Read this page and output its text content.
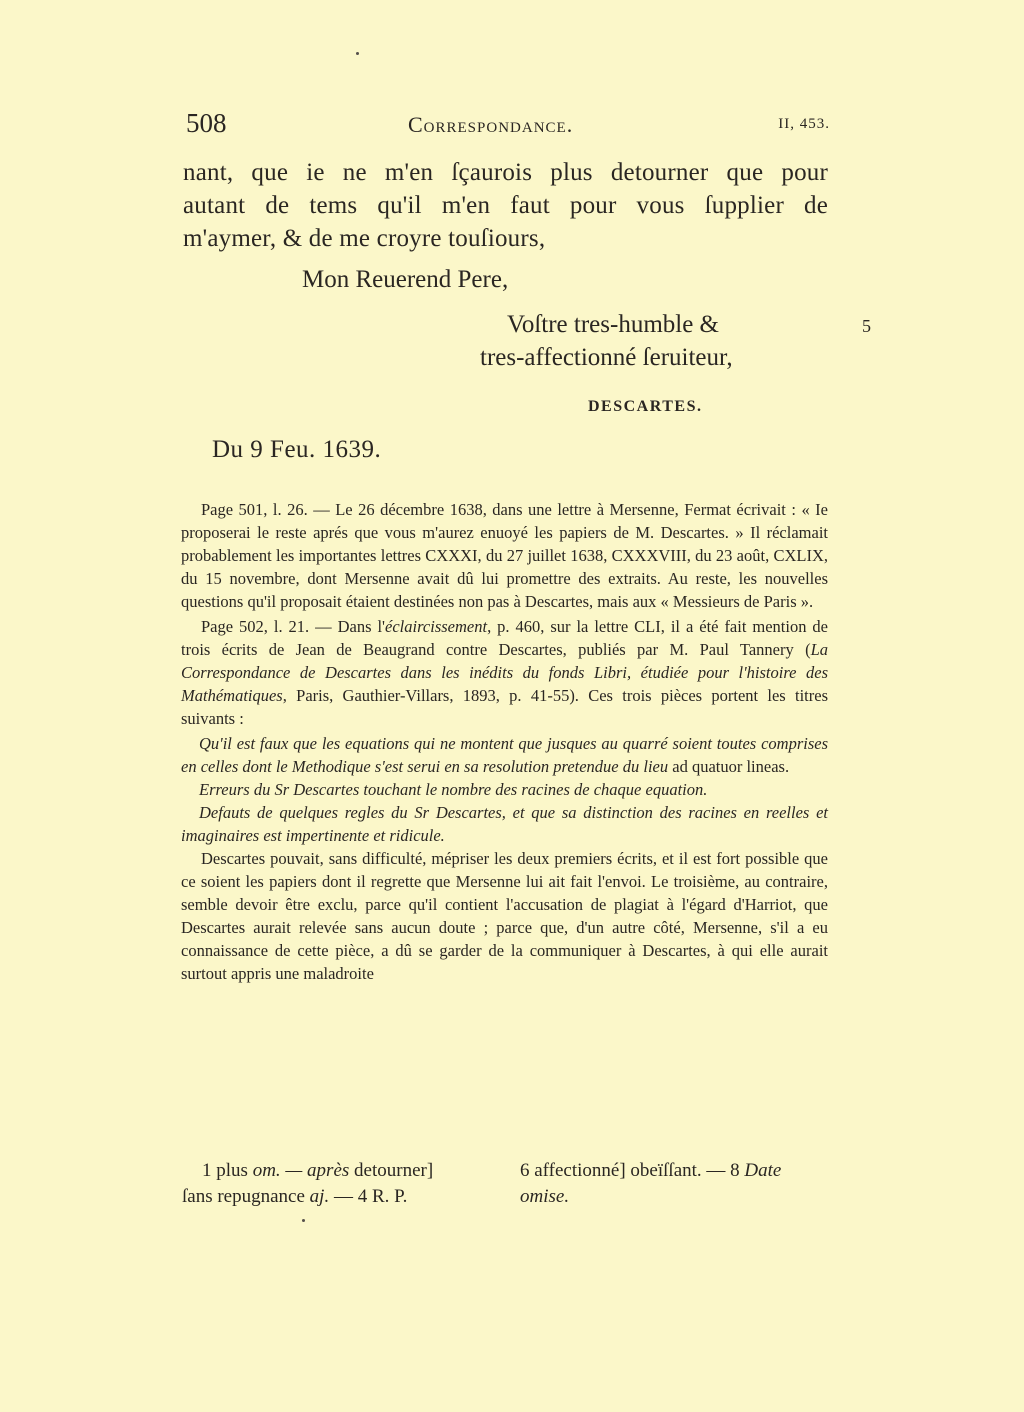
508	Correspondance.	II, 453.
nant, que ie ne m'en ſçaurois plus detourner que pour
autant de tems qu'il m'en faut pour vous ſupplier de
m'aymer, & de me croyre touſiours,
Mon Reuerend Pere,
Voſtre tres-humble &
tres-affectionné ſeruiteur,
5
DESCARTES.
Du 9 Feu. 1639.

Page 501, l. 26. — Le 26 décembre 1638, dans une lettre à Mersenne, Fermat écrivait : « Ie proposerai le reste aprés que vous m'aurez enuoyé les papiers de M. Descartes. » Il réclamait probablement les importantes lettres CXXXI, du 27 juillet 1638, CXXXVIII, du 23 août, CXLIX, du 15 novembre, dont Mersenne avait dû lui promettre des extraits. Au reste, les nouvelles questions qu'il proposait étaient destinées non pas à Descartes, mais aux « Messieurs de Paris ».

Page 502, l. 21. — Dans l'éclaircissement, p. 460, sur la lettre CLI, il a été fait mention de trois écrits de Jean de Beaugrand contre Descartes, publiés par M. Paul Tannery (La Correspondance de Descartes dans les inédits du fonds Libri, étudiée pour l'histoire des Mathématiques, Paris, Gauthier-Villars, 1893, p. 41-55). Ces trois pièces portent les titres suivants :

Qu'il est faux que les equations qui ne montent que jusques au quarré soient toutes comprises en celles dont le Methodique s'est serui en sa resolution pretendue du lieu ad quatuor lineas.

Erreurs du Sr Descartes touchant le nombre des racines de chaque equation.

Defauts de quelques regles du Sr Descartes, et que sa distinction des racines en reelles et imaginaires est impertinente et ridicule.

Descartes pouvait, sans difficulté, mépriser les deux premiers écrits, et il est fort possible que ce soient les papiers dont il regrette que Mersenne lui ait fait l'envoi. Le troisième, au contraire, semble devoir être exclu, parce qu'il contient l'accusation de plagiat à l'égard d'Harriot, que Descartes aurait relevée sans aucun doute ; parce que, d'un autre côté, Mersenne, s'il a eu connaissance de cette pièce, a dû se garder de la communiquer à Descartes, à qui elle aurait surtout appris une maladroite

1 plus om. — après detourner]
ſans repugnance aj. — 4 R. P.
6 affectionné] obeïſſant. — 8 Date
omise.
